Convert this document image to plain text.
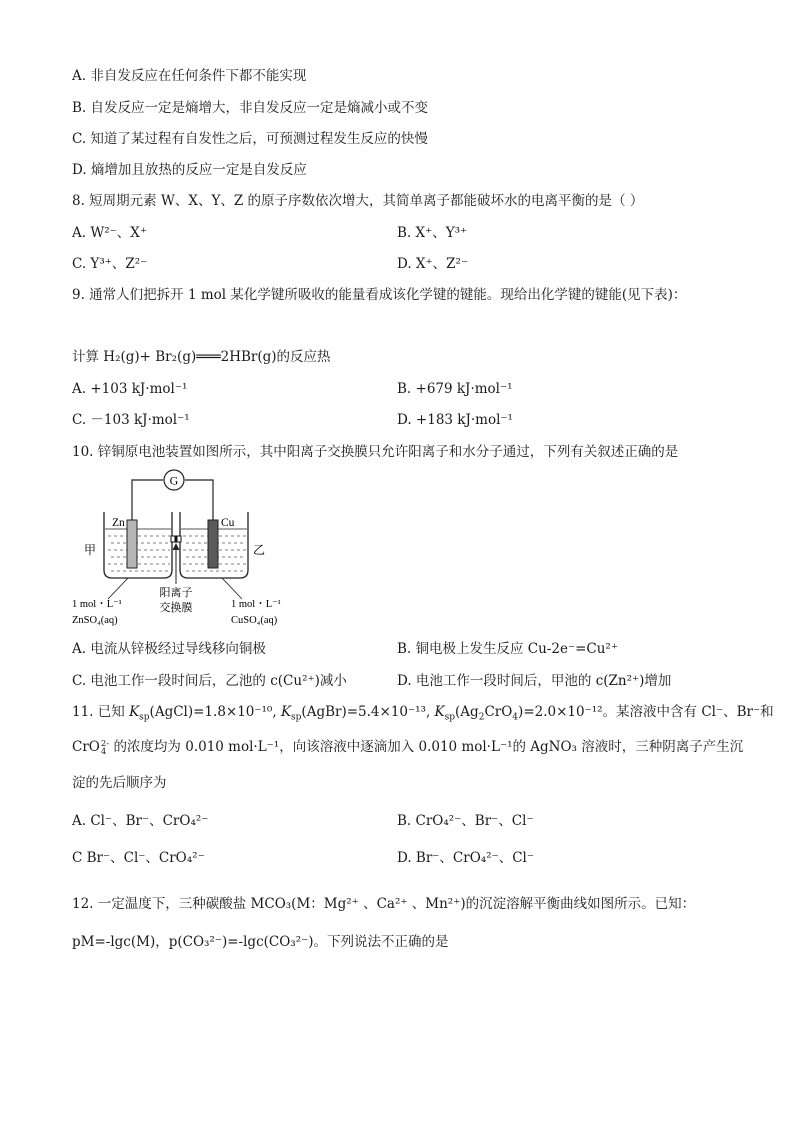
A. 非自发反应在任何条件下都不能实现
B. 自发反应一定是熵增大，非自发反应一定是熵减小或不变
C. 知道了某过程有自发性之后，可预测过程发生反应的快慢
D. 熵增加且放热的反应一定是自发反应
8. 短周期元素 W、X、Y、Z 的原子序数依次增大，其简单离子都能破坏水的电离平衡的是（ ）
A. W²⁻、X⁺	B. X⁺、Y³⁺
C. Y³⁺、Z²⁻	D. X⁺、Z²⁻
9. 通常人们把拆开 1 mol 某化学键所吸收的能量看成该化学键的键能。现给出化学键的键能(见下表)：
计算 H₂(g)+ Br₂(g)═══2HBr(g)的反应热
A. +103 kJ·mol⁻¹	B. +679 kJ·mol⁻¹
C. －103 kJ·mol⁻¹	D. +183 kJ·mol⁻¹
10. 锌铜原电池装置如图所示，其中阳离子交换膜只允许阳离子和水分子通过，下列有关叙述正确的是
G
Zn	Cu
甲	乙
阳离子
交换膜
1 mol・L⁻¹
ZnSO₄(aq)
1 mol・L⁻¹
CuSO₄(aq)
A. 电流从锌极经过导线移向铜极	B. 铜电极上发生反应 Cu-2e⁻=Cu²⁺
C. 电池工作一段时间后，乙池的 c(Cu²⁺)减小	D. 电池工作一段时间后，甲池的 c(Zn²⁺)增加
11. 已知 $K_{sp}(AgCl)=1.8\times 10^{-10}$, $K_{sp}(AgBr)=5.4\times 10^{-13}$, $K_{sp}(Ag_2CrO_4)=2.0\times 10^{-12}$。某溶液中含有 Cl⁻、Br⁻和
CrO 2-
4 的浓度均为 0.010 mol·L⁻¹，向该溶液中逐滴加入 0.010 mol·L⁻¹的 AgNO₃ 溶液时，三种阴离子产生沉
淀的先后顺序为
A. Cl⁻、Br⁻、CrO₄²⁻	B. CrO₄²⁻、Br⁻、Cl⁻
C Br⁻、Cl⁻、CrO₄²⁻	D. Br⁻、CrO₄²⁻、Cl⁻
12. 一定温度下，三种碳酸盐 MCO₃(M：Mg²⁺ 、Ca²⁺ 、Mn²⁺)的沉淀溶解平衡曲线如图所示。已知：
pM=-lgc(M)，p(CO₃²⁻)=-lgc(CO₃²⁻)。下列说法不正确的是
